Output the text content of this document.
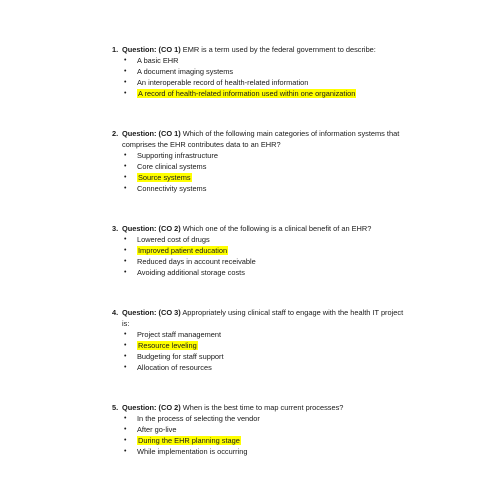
1. Question: (CO 1) EMR is a term used by the federal government to describe:
• A basic EHR
• A document imaging systems
• An interoperable record of health-related information
• A record of health-related information used within one organization
2. Question: (CO 1) Which of the following main categories of information systems that comprises the EHR contributes data to an EHR?
• Supporting infrastructure
• Core clinical systems
• Source systems
• Connectivity systems
3. Question: (CO 2) Which one of the following is a clinical benefit of an EHR?
• Lowered cost of drugs
• Improved patient education
• Reduced days in account receivable
• Avoiding additional storage costs
4. Question: (CO 3) Appropriately using clinical staff to engage with the health IT project is:
• Project staff management
• Resource leveling
• Budgeting for staff support
• Allocation of resources
5. Question: (CO 2) When is the best time to map current processes?
• In the process of selecting the vendor
• After go-live
• During the EHR planning stage
• While implementation is occurring
